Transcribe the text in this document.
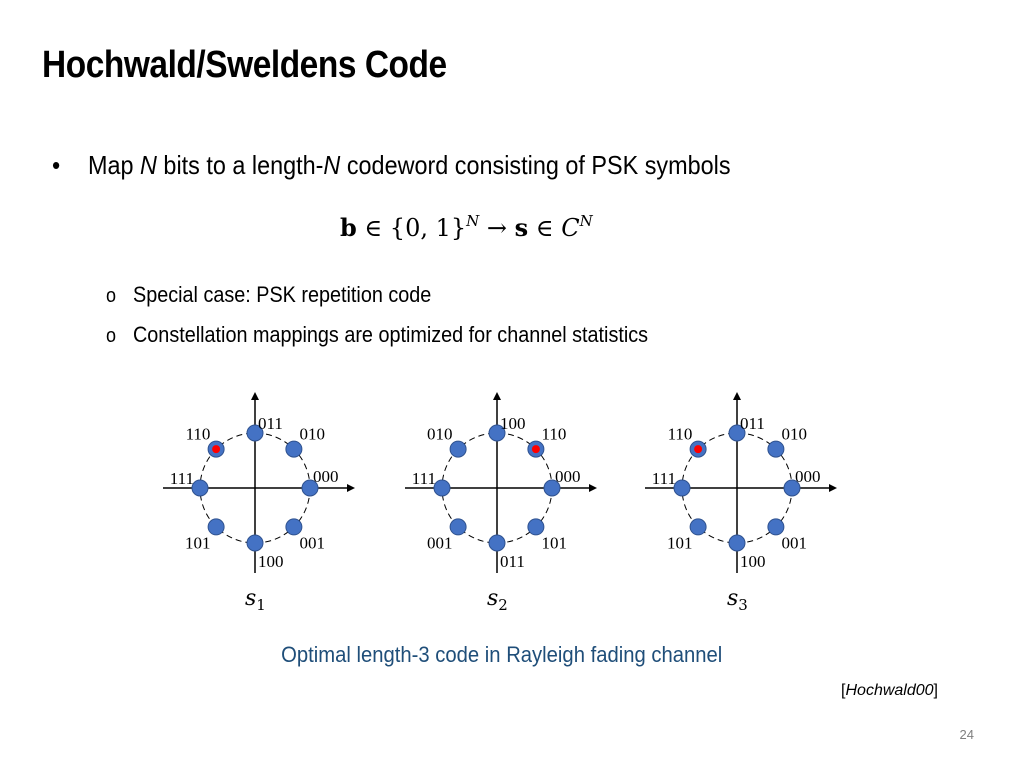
Hochwald/Sweldens Code
• Map N bits to a length-N codeword consisting of PSK symbols
b ∈ {0, 1}$^N$ → s ∈ $C^N$
o Special case: PSK repetition code
o Constellation mappings are optimized for channel statistics
000
010
011
110
111
101
100
001
$s_1$
000
110
100
010
111
001
011
101
$s_2$
000
010
011
110
111
101
100
001
$s_3$
Optimal length-3 code in Rayleigh fading channel
[Hochwald00]
24
